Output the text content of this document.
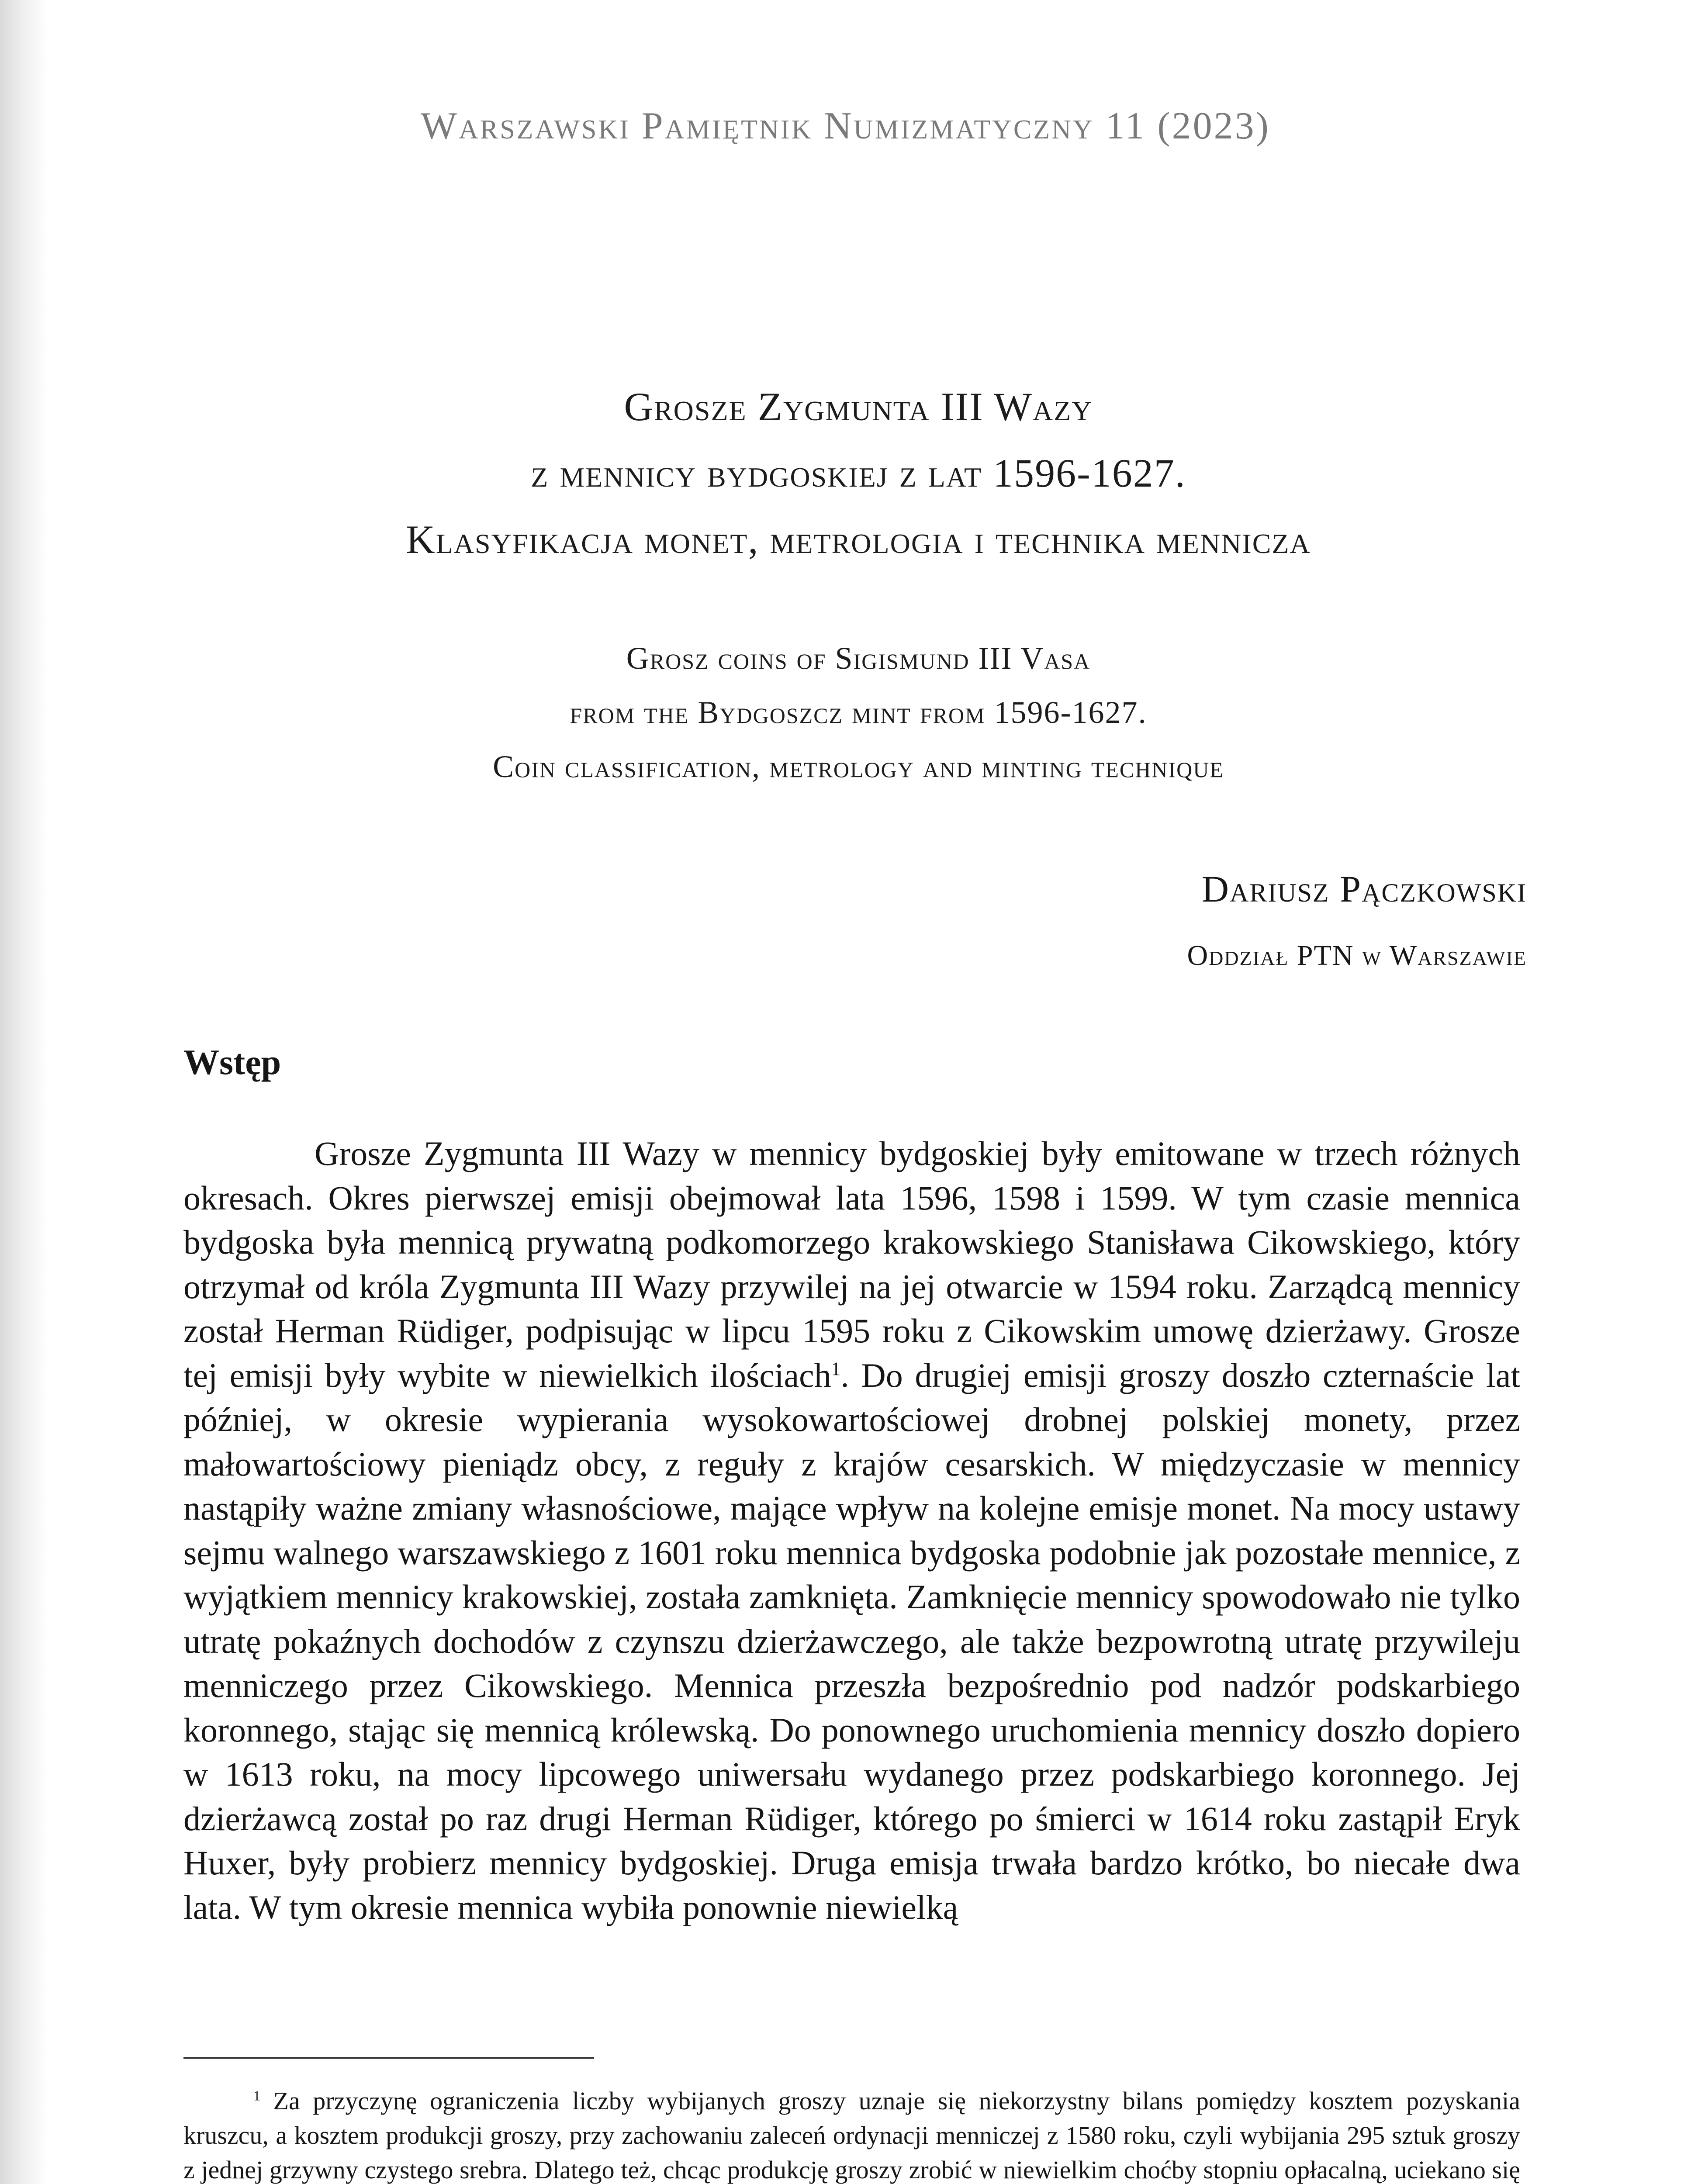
Warszawski Pamiętnik Numizmatyczny 11 (2023)
Grosze Zygmunta III Wazy
z mennicy bydgoskiej z lat 1596-1627.
Klasyfikacja monet, metrologia i technika mennicza
Grosz coins of Sigismund III Vasa
from the Bydgoszcz mint from 1596-1627.
Coin classification, metrology and minting technique
Dariusz Pączkowski
Oddział PTN w Warszawie
Wstęp

Grosze Zygmunta III Wazy w mennicy bydgoskiej były emitowane w trzech różnych okresach. Okres pierwszej emisji obejmował lata 1596, 1598 i 1599. W tym czasie mennica bydgoska była mennicą prywatną podkomorzego krakowskiego Stanisława Cikowskiego, który otrzymał od króla Zygmunta III Wazy przywilej na jej otwarcie w 1594 roku. Zarządcą mennicy został Herman Rüdiger, podpisując w lipcu 1595 roku z Cikowskim umowę dzierżawy. Grosze tej emisji były wybite w niewielkich ilościach$^1$. Do drugiej emisji groszy doszło czternaście lat później, w okresie wypierania wysokowartościowej drobnej polskiej monety, przez małowartościowy pieniądz obcy, z reguły z krajów cesarskich. W międzyczasie w mennicy nastąpiły ważne zmiany własnościowe, mające wpływ na kolejne emisje monet. Na mocy ustawy sejmu walnego warszawskiego z 1601 roku mennica bydgoska podobnie jak pozostałe mennice, z wyjątkiem mennicy krakowskiej, została zamknięta. Zamknięcie mennicy spowodowało nie tylko utratę pokaźnych dochodów z czynszu dzierżawczego, ale także bezpowrotną utratę przywileju menniczego przez Cikowskiego. Mennica przeszła bezpośrednio pod nadzór podskarbiego koronnego, stając się mennicą królewską. Do ponownego uruchomienia mennicy doszło dopiero w 1613 roku, na mocy lipcowego uniwersału wydanego przez podskarbiego koronnego. Jej dzierżawcą został po raz drugi Herman Rüdiger, którego po śmierci w 1614 roku zastąpił Eryk Huxer, były probierz mennicy bydgoskiej. Druga emisja trwała bardzo krótko, bo niecałe dwa lata. W tym okresie mennica wybiła ponownie niewielką

$^1$ Za przyczynę ograniczenia liczby wybijanych groszy uznaje się niekorzystny bilans pomiędzy kosztem pozyskania kruszcu, a kosztem produkcji groszy, przy zachowaniu zaleceń ordynacji menniczej z 1580 roku, czyli wybijania 295 sztuk groszy z jednej grzywny czystego srebra. Dlatego też, chcąc produkcję groszy zrobić w niewielkim choćby stopniu opłacalną, uciekano się
